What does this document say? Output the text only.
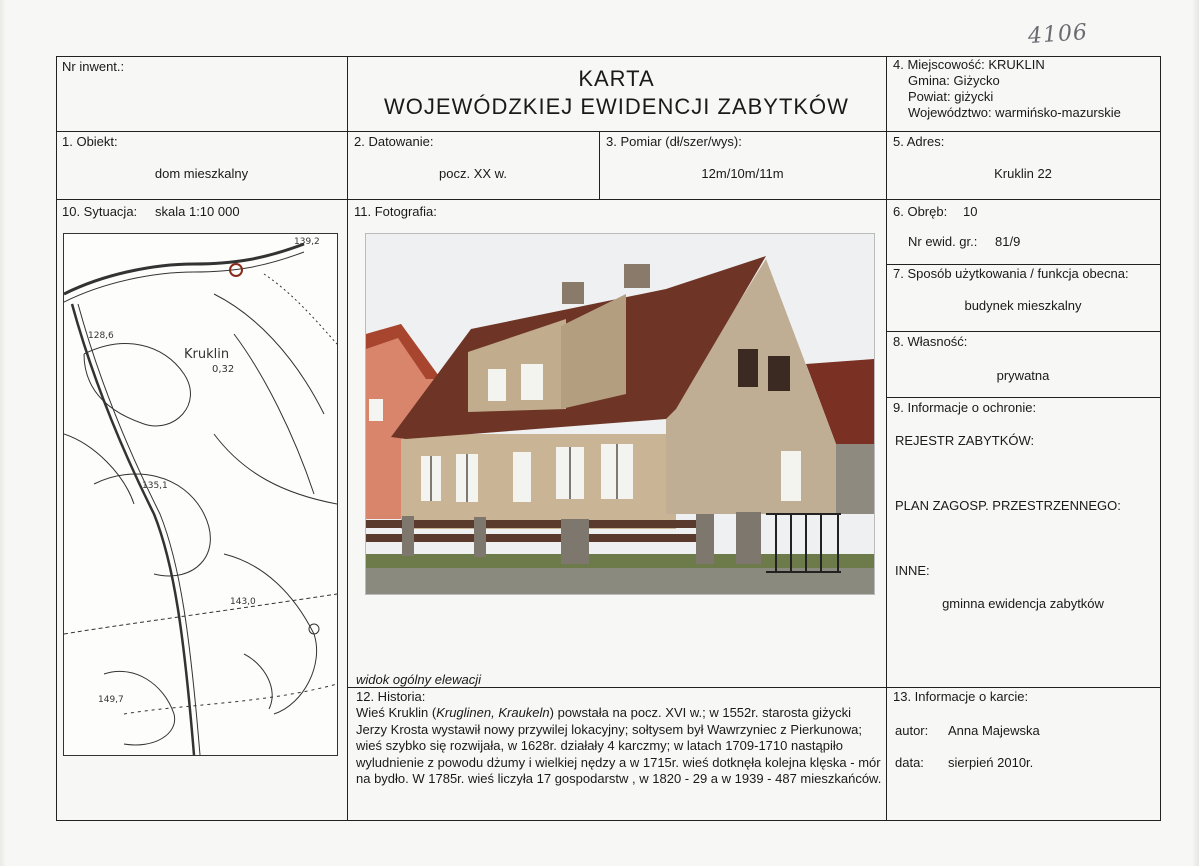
4106
Nr inwent.:	KARTA
WOJEWÓDZKIEJ EWIDENCJI ZABYTKÓW
4. Miejscowość: KRUKLIN
Gmina: Giżycko
Powiat: giżycki
Województwo: warmińsko-mazurskie
1. Obiekt:
dom mieszkalny
2. Datowanie:
pocz. XX w.
3. Pomiar (dł/szer/wys):
12m/10m/11m
5. Adres:
Kruklin 22
10. Sytuacja: skala 1:10 000
Kruklin
0,32
139,2
128,6
135,1
143,0
149,7
11. Fotografia:
widok ogólny elewacji
6. Obręb: 10
Nr ewid. gr.: 81/9
7. Sposób użytkowania / funkcja obecna:
budynek mieszkalny
8. Własność:
prywatna
9. Informacje o ochronie:
REJESTR ZABYTKÓW:
PLAN ZAGOSP. PRZESTRZENNEGO:
INNE:
gminna ewidencja zabytków
12. Historia:
Wieś Kruklin (Kruglinen, Kraukeln) powstała na pocz. XVI w.; w 1552r. starosta giżycki Jerzy Krosta wystawił nowy przywilej lokacyjny; sołtysem był Wawrzyniec z Pierkunowa; wieś szybko się rozwijała, w 1628r. działały 4 karczmy; w latach 1709-1710 nastąpiło wyludnienie z powodu dżumy i wielkiej nędzy a w 1715r. wieś dotknęła kolejna klęska - mór na bydło. W 1785r. wieś liczyła 17 gospodarstw , w 1820 - 29 a w 1939 - 487 mieszkańców.
13. Informacje o karcie:
autor: Anna Majewska
data: sierpień 2010r.
